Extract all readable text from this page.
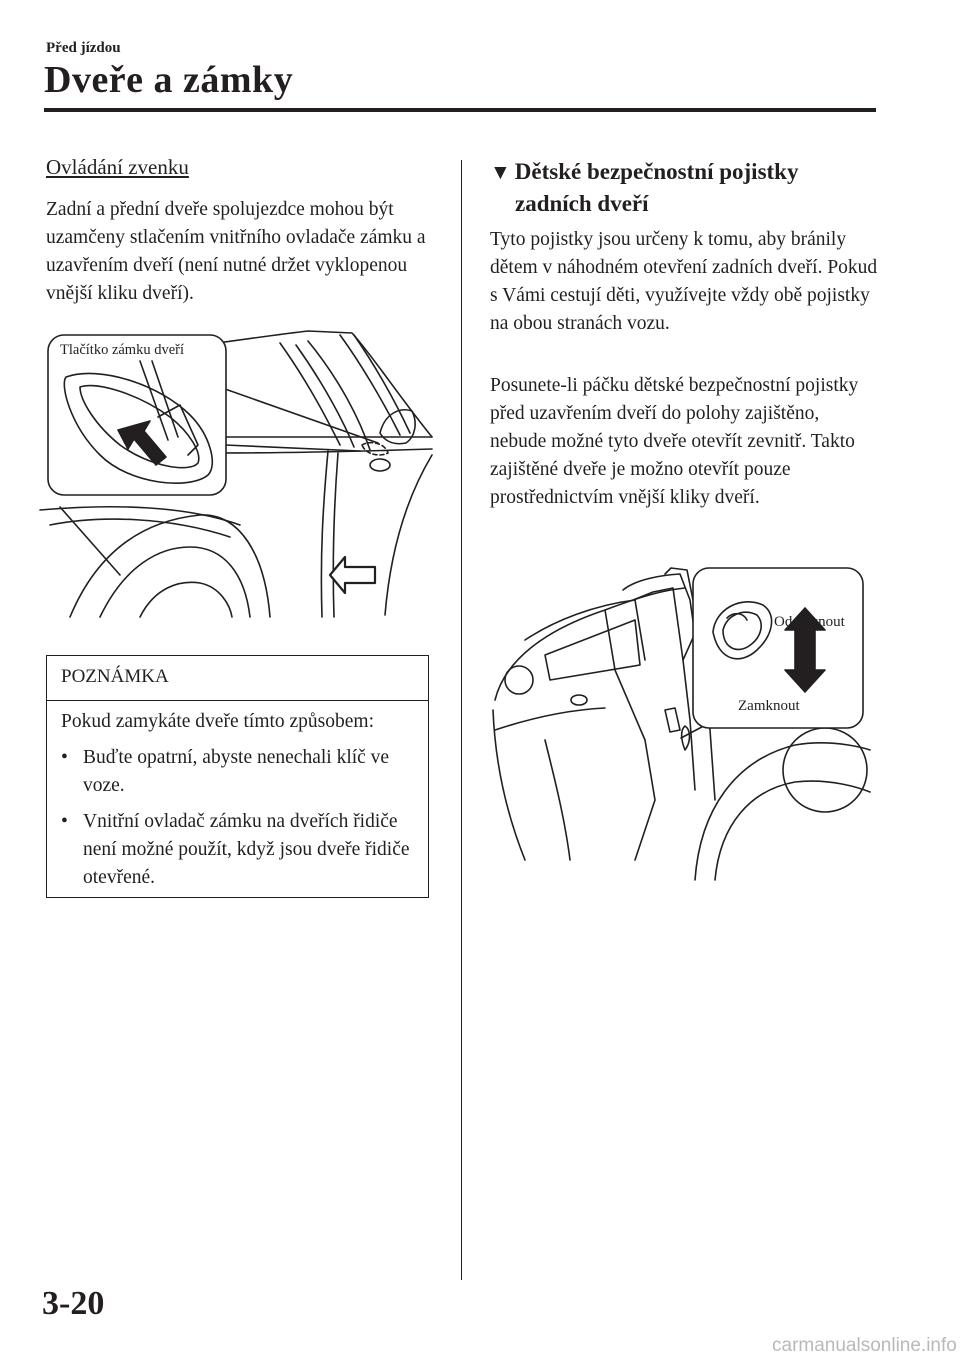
Před jízdou
Dveře a zámky
Ovládání zvenku
Zadní a přední dveře spolujezdce mohou být uzamčeny stlačením vnitřního ovladače zámku a uzavřením dveří (není nutné držet vyklopenou vnější kliku dveří).
Tlačítko zámku dveří
POZNÁMKA

Pokud zamykáte dveře tímto způsobem:

• Buďte opatrní, abyste nenechali klíč ve voze.
• Vnitřní ovladač zámku na dveřích řidiče není možné použít, když jsou dveře řidiče otevřené.
▼ Dětské bezpečnostní pojistky
zadních dveří
Tyto pojistky jsou určeny k tomu, aby bránily dětem v náhodném otevření zadních dveří. Pokud s Vámi cestují děti, využívejte vždy obě pojistky na obou stranách vozu.
Posunete-li páčku dětské bezpečnostní pojistky před uzavřením dveří do polohy zajištěno, nebude možné tyto dveře otevřít zevnitř. Takto zajištěné dveře je možno otevřít pouze prostřednictvím vnější kliky dveří.
Odemknout
Zamknout
3-20
carmanualsonline.info
